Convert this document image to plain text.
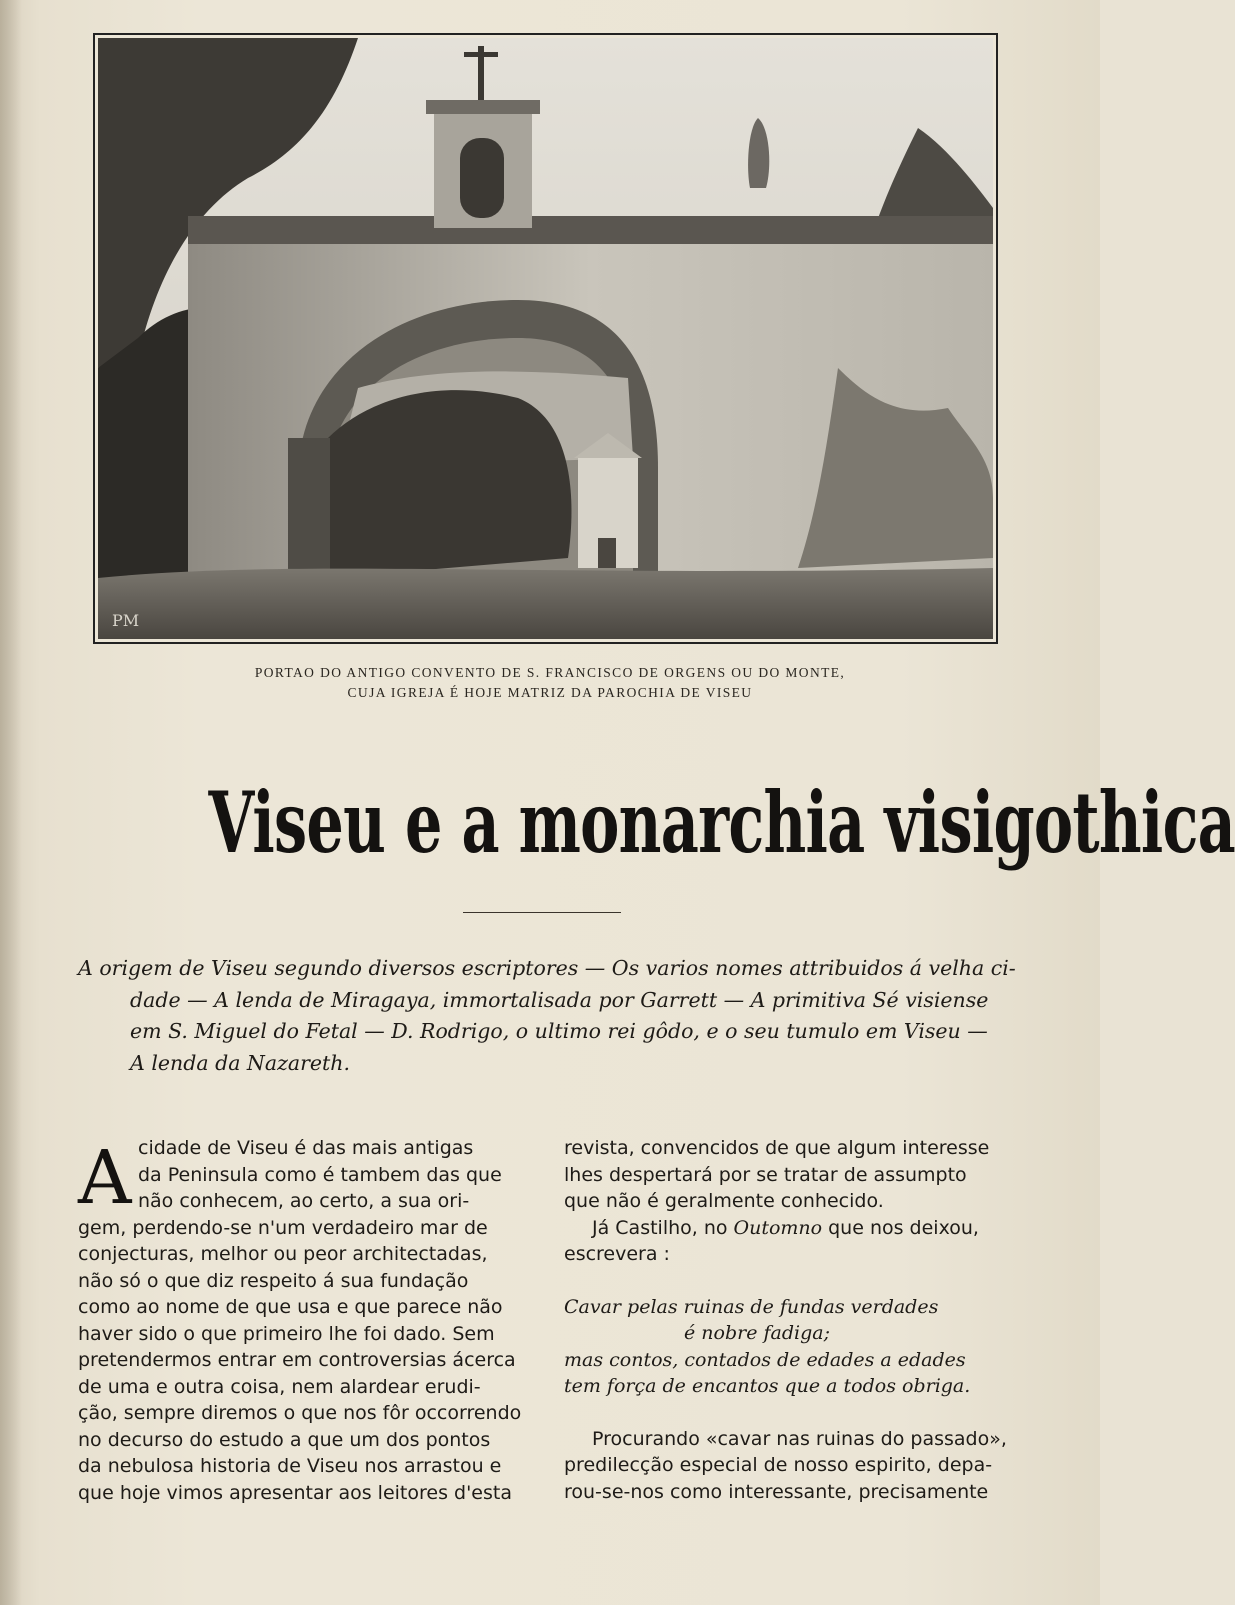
PM
PORTAO DO ANTIGO CONVENTO DE S. FRANCISCO DE ORGENS OU DO MONTE,
CUJA IGREJA É HOJE MATRIZ DA PAROCHIA DE VISEU
Viseu e a monarchia visigothica
A origem de Viseu segundo diversos escriptores — Os varios nomes attribuidos á velha ci-
dade — A lenda de Miragaya, immortalisada por Garrett — A primitiva Sé visiense
em S. Miguel do Fetal — D. Rodrigo, o ultimo rei gôdo, e o seu tumulo em Viseu —
A lenda da Nazareth.
A cidade de Viseu é das mais antigas
da Peninsula como é tambem das que
não conhecem, ao certo, a sua ori-
gem, perdendo-se n'um verdadeiro mar de
conjecturas, melhor ou peor architectadas,
não só o que diz respeito á sua fundação
como ao nome de que usa e que parece não
haver sido o que primeiro lhe foi dado. Sem
pretendermos entrar em controversias ácerca
de uma e outra coisa, nem alardear erudi-
ção, sempre diremos o que nos fôr occorrendo
no decurso do estudo a que um dos pontos
da nebulosa historia de Viseu nos arrastou e
que hoje vimos apresentar aos leitores d'esta
revista, convencidos de que algum interesse
lhes despertará por se tratar de assumpto
que não é geralmente conhecido.
Já Castilho, no Outomno que nos deixou,
escrevera :
Cavar pelas ruinas de fundas verdades
é nobre fadiga;
mas contos, contados de edades a edades
tem força de encantos que a todos obriga.
Procurando «cavar nas ruinas do passado»,
predilecção especial de nosso espirito, depa-
rou-se-nos como interessante, precisamente
